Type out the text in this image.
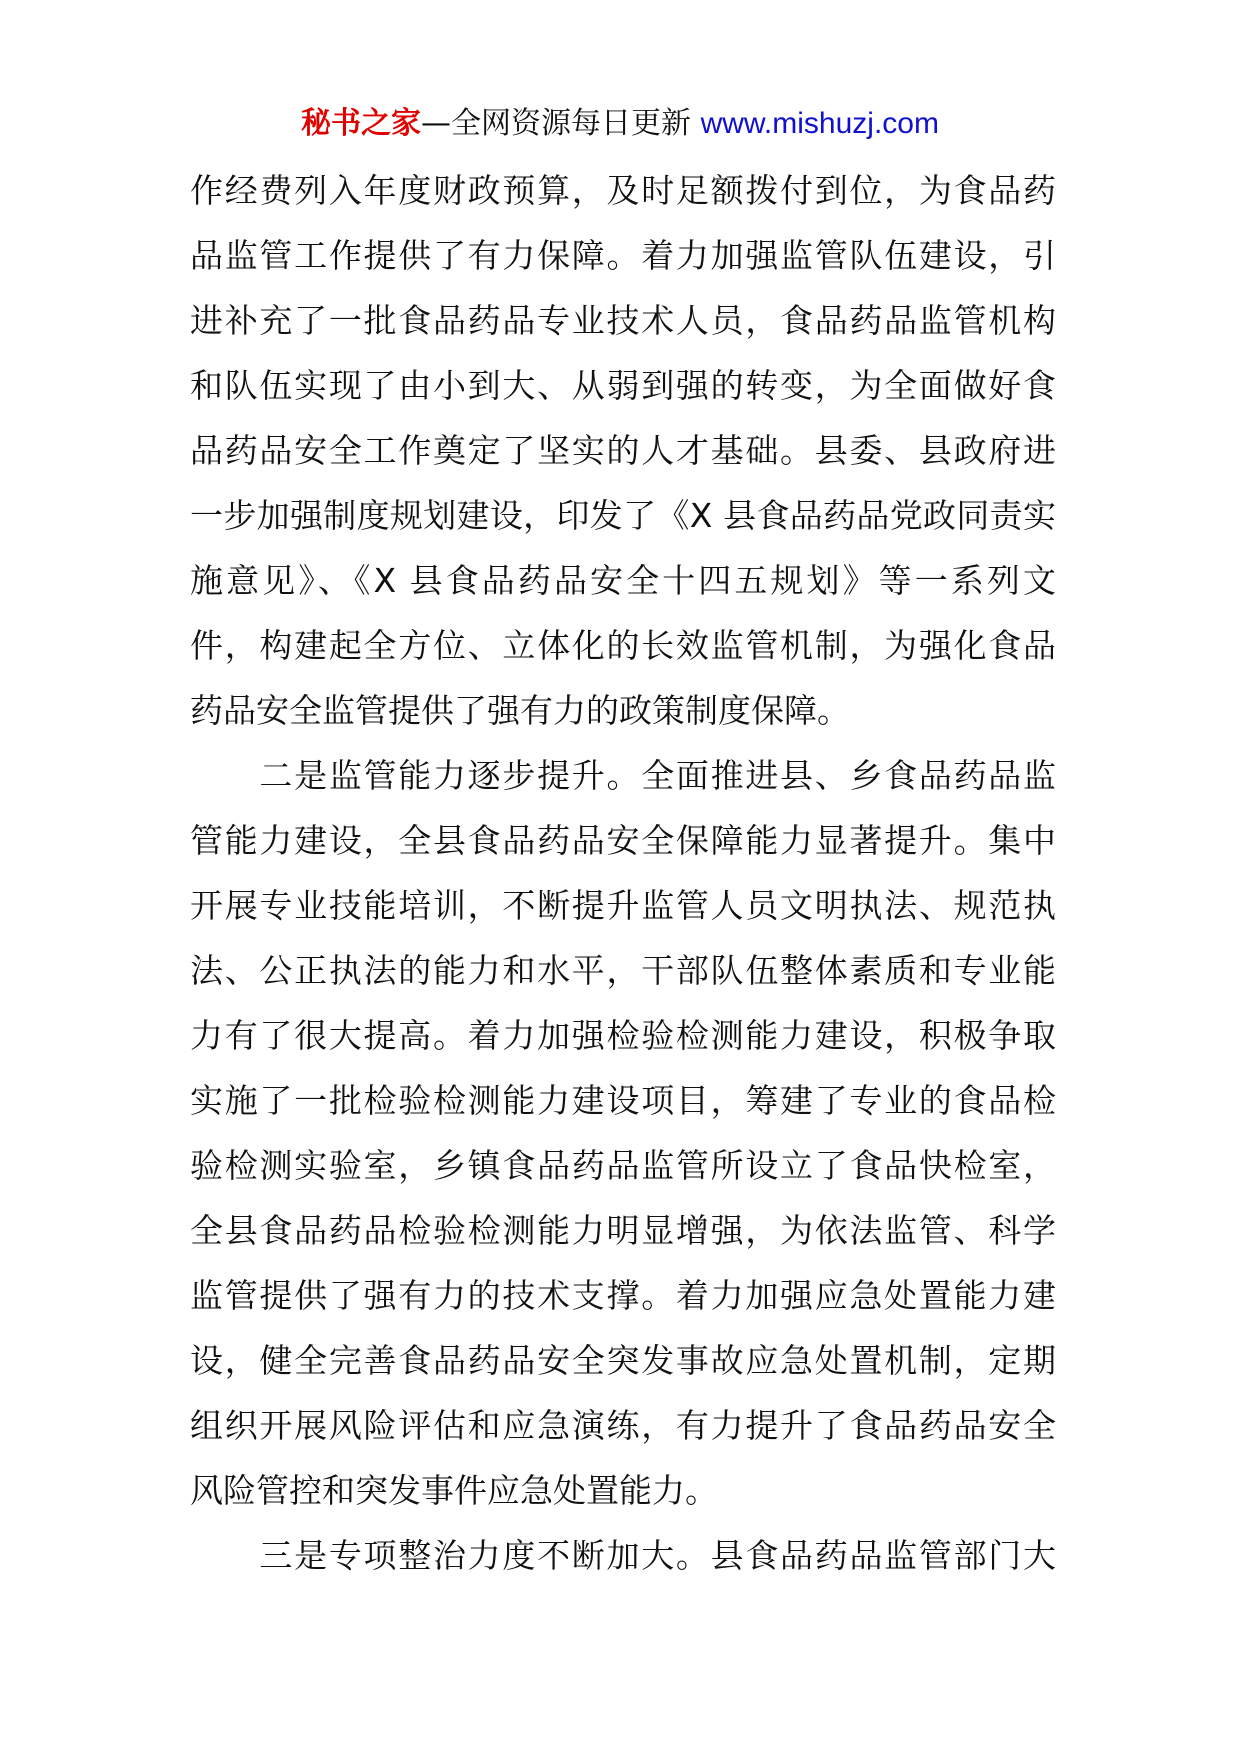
秘书之家—全网资源每日更新 www.mishuzj.com
作经费列入年度财政预算，及时足额拨付到位，为食品药
品监管工作提供了有力保障。着力加强监管队伍建设，引
进补充了一批食品药品专业技术人员，食品药品监管机构
和队伍实现了由小到大、从弱到强的转变，为全面做好食
品药品安全工作奠定了坚实的人才基础。县委、县政府进
一步加强制度规划建设，印发了《X 县食品药品党政同责实
施意见》、《X 县食品药品安全十四五规划》等一系列文
件，构建起全方位、立体化的长效监管机制，为强化食品
药品安全监管提供了强有力的政策制度保障。
　　二是监管能力逐步提升。全面推进县、乡食品药品监
管能力建设，全县食品药品安全保障能力显著提升。集中
开展专业技能培训，不断提升监管人员文明执法、规范执
法、公正执法的能力和水平，干部队伍整体素质和专业能
力有了很大提高。着力加强检验检测能力建设，积极争取
实施了一批检验检测能力建设项目，筹建了专业的食品检
验检测实验室，乡镇食品药品监管所设立了食品快检室，
全县食品药品检验检测能力明显增强，为依法监管、科学
监管提供了强有力的技术支撑。着力加强应急处置能力建
设，健全完善食品药品安全突发事故应急处置机制，定期
组织开展风险评估和应急演练，有力提升了食品药品安全
风险管控和突发事件应急处置能力。
　　三是专项整治力度不断加大。县食品药品监管部门大
